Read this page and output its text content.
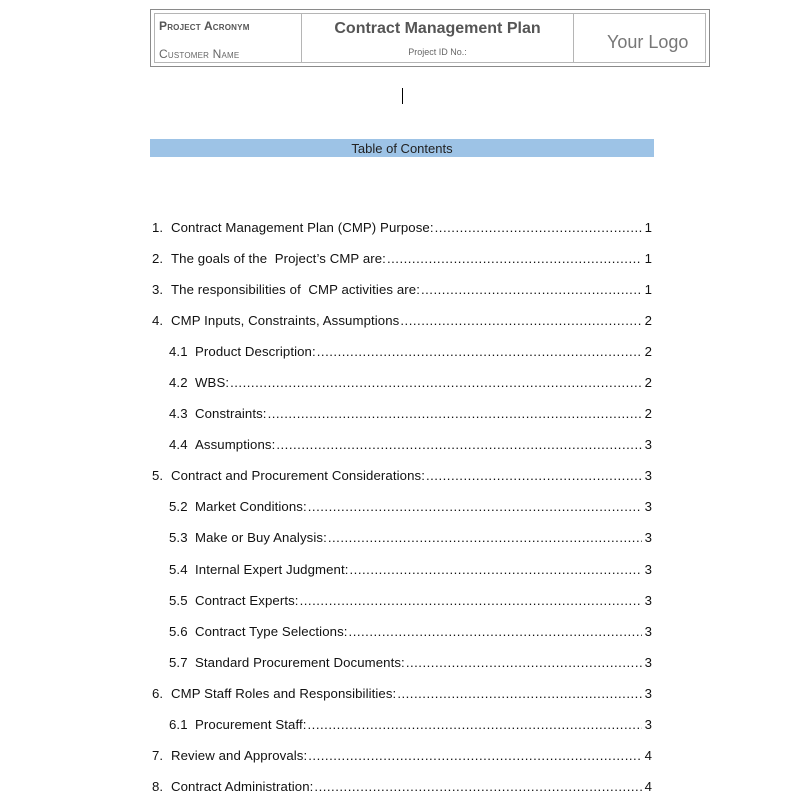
Project Acronym
Customer Name
Contract Management Plan
Project ID No.:	Your Logo
Table of Contents
1. Contract Management Plan (CMP) Purpose: .....	1
2. The goals of the  Project’s CMP are: .....	1
3. The responsibilities of  CMP activities are: .....	1
4. CMP Inputs, Constraints, Assumptions .....	2
4.1 Product Description: .....	2
4.2 WBS: .....	2
4.3 Constraints: .....	2
4.4 Assumptions: .....	3
5. Contract and Procurement Considerations: .....	3
5.2 Market Conditions: .....	3
5.3 Make or Buy Analysis: .....	3
5.4 Internal Expert Judgment: .....	3
5.5 Contract Experts: .....	3
5.6 Contract Type Selections: .....	3
5.7 Standard Procurement Documents: .....	3
6. CMP Staff Roles and Responsibilities: .....	3
6.1 Procurement Staff: .....	3
7. Review and Approvals: .....	4
8. Contract Administration: .....	4
